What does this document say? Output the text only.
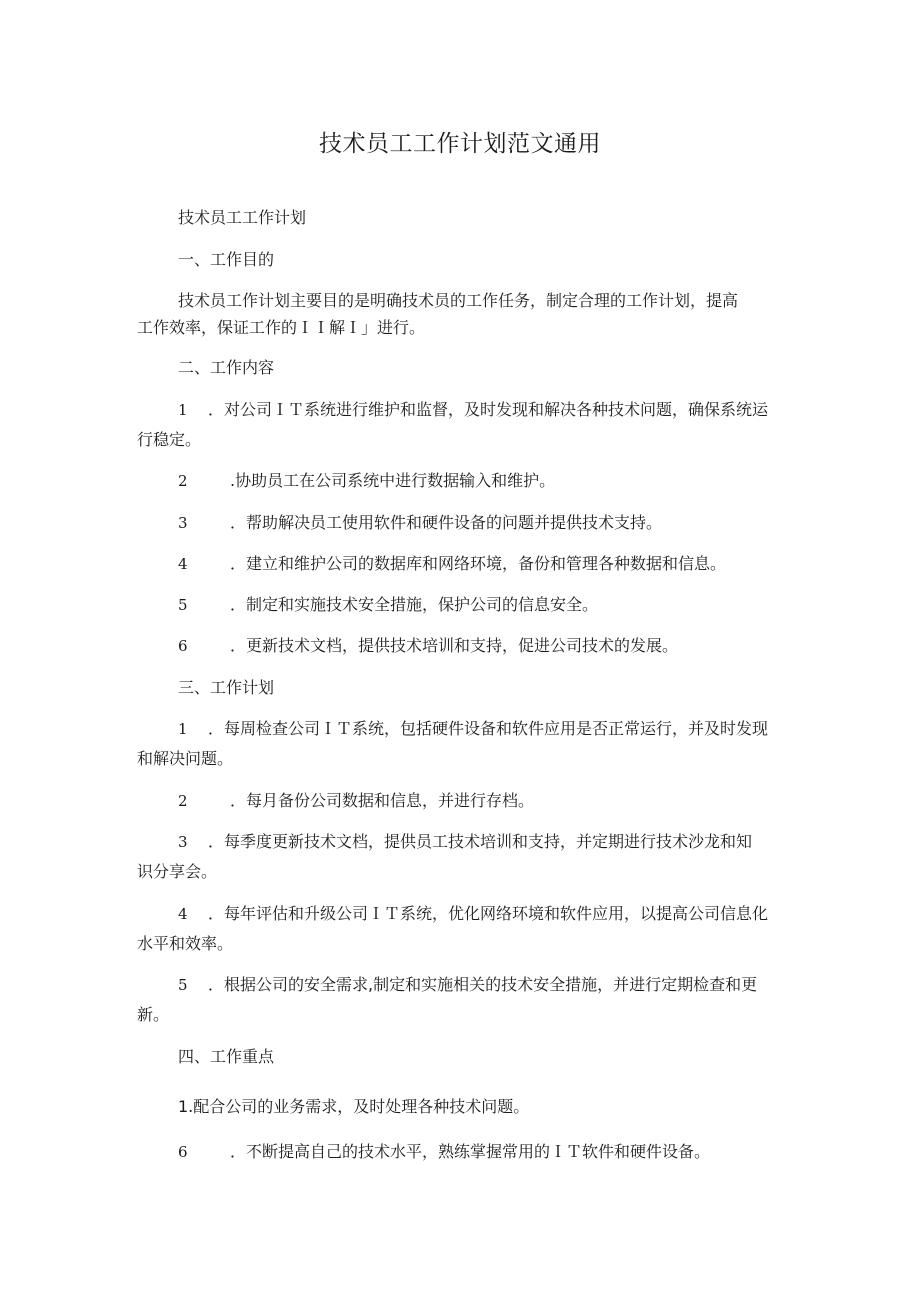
技术员工工作计划范文通用
技术员工工作计划
一、工作目的
技术员工作计划主要目的是明确技术员的工作任务，制定合理的工作计划，提高
工作效率，保证工作的ＩＩ解Ｉ」进行。
二、工作内容
1 ．对公司ＩＴ系统进行维护和监督，及时发现和解决各种技术问题，确保系统运
行稳定。
2	.协助员工在公司系统中进行数据输入和维护。
3	．帮助解决员工使用软件和硬件设备的问题并提供技术支持。
4	．建立和维护公司的数据库和网络环境，备份和管理各种数据和信息。
5	．制定和实施技术安全措施，保护公司的信息安全。
6	．更新技术文档，提供技术培训和支持，促进公司技术的发展。
三、工作计划
1 ．每周检查公司ＩＴ系统，包括硬件设备和软件应用是否正常运行，并及时发现
和解决问题。
2	．每月备份公司数据和信息，并进行存档。
3 ．每季度更新技术文档，提供员工技术培训和支持，并定期进行技术沙龙和知
识分享会。
4 ．每年评估和升级公司ＩＴ系统，优化网络环境和软件应用，以提高公司信息化
水平和效率。
5 ．根据公司的安全需求,制定和实施相关的技术安全措施，并进行定期检查和更
新。
四、工作重点
1.配合公司的业务需求，及时处理各种技术问题。
6	．不断提高自己的技术水平，熟练掌握常用的ＩＴ软件和硬件设备。
